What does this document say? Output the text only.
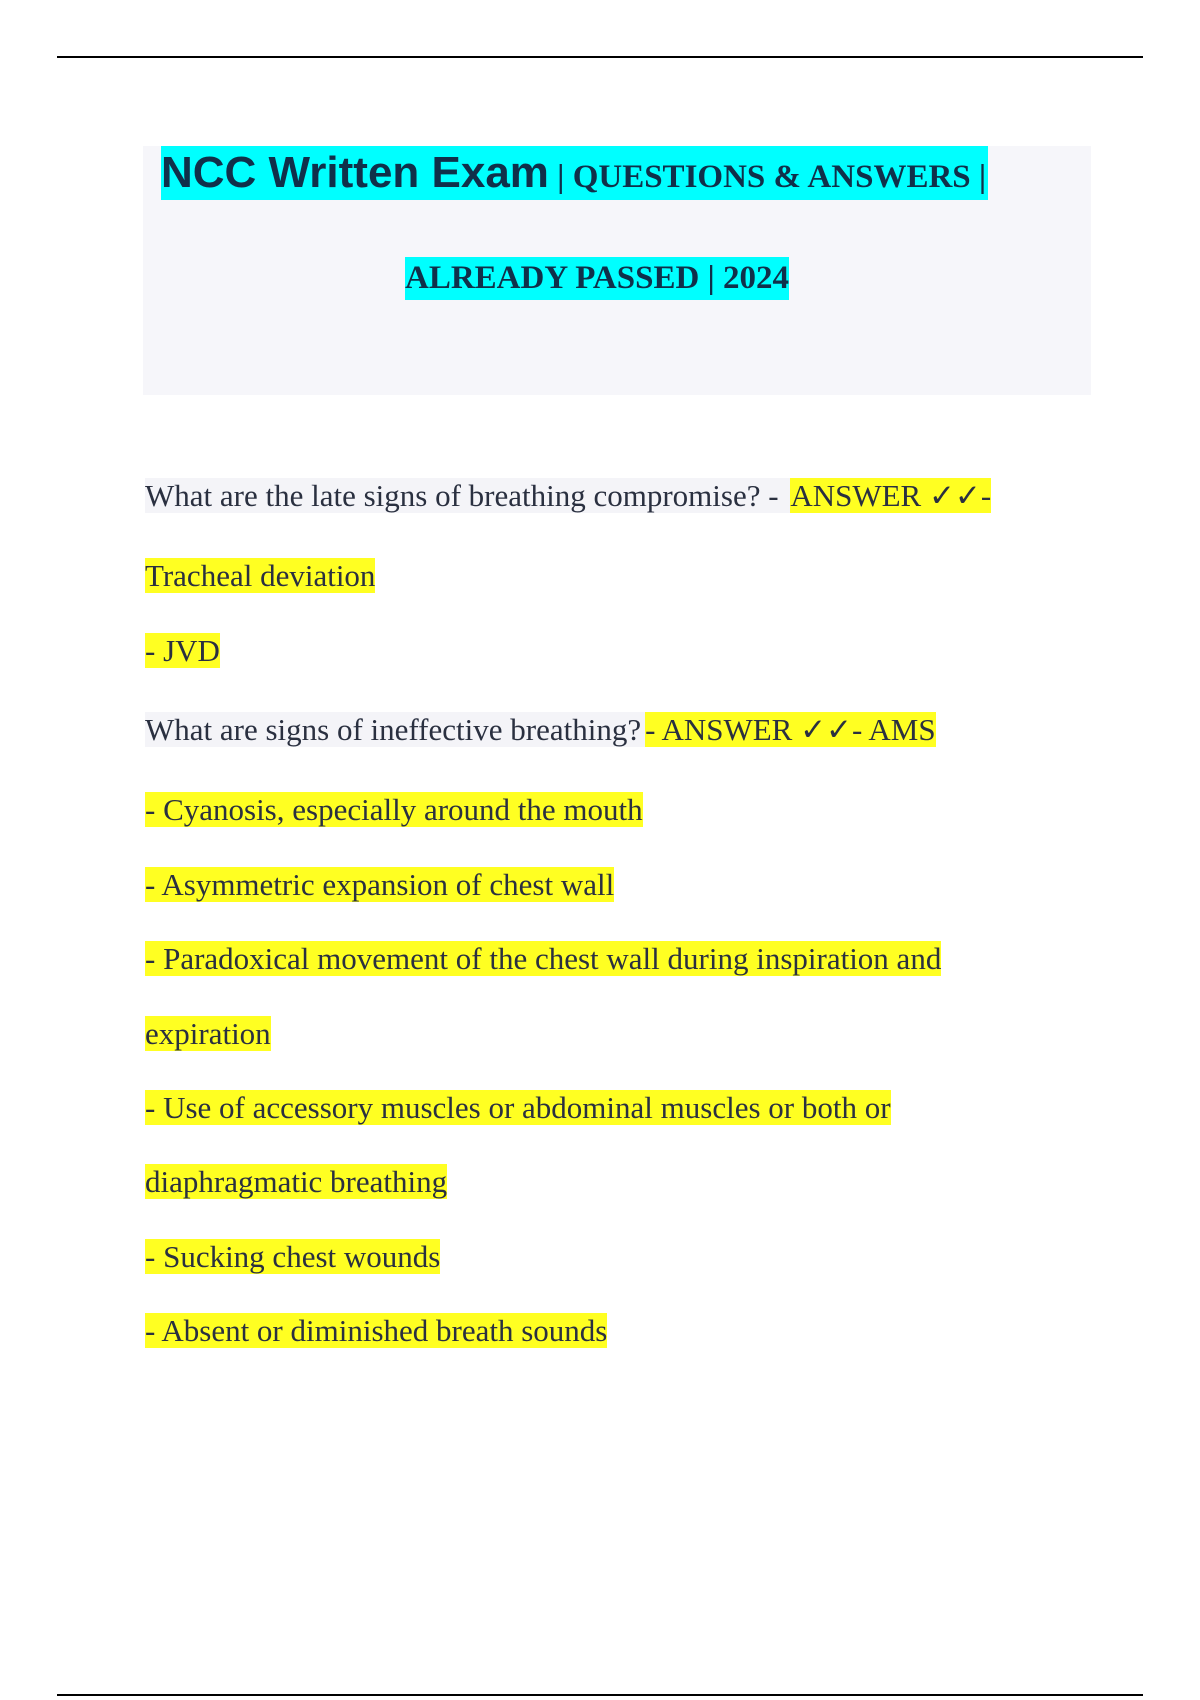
NCC Written Exam | QUESTIONS & ANSWERS |
ALREADY PASSED | 2024
What are the late signs of breathing compromise? - ANSWER ✓✓-
Tracheal deviation
- JVD
What are signs of ineffective breathing? - ANSWER ✓✓- AMS
- Cyanosis, especially around the mouth
- Asymmetric expansion of chest wall
- Paradoxical movement of the chest wall during inspiration and
expiration
- Use of accessory muscles or abdominal muscles or both or
diaphragmatic breathing
- Sucking chest wounds
- Absent or diminished breath sounds
